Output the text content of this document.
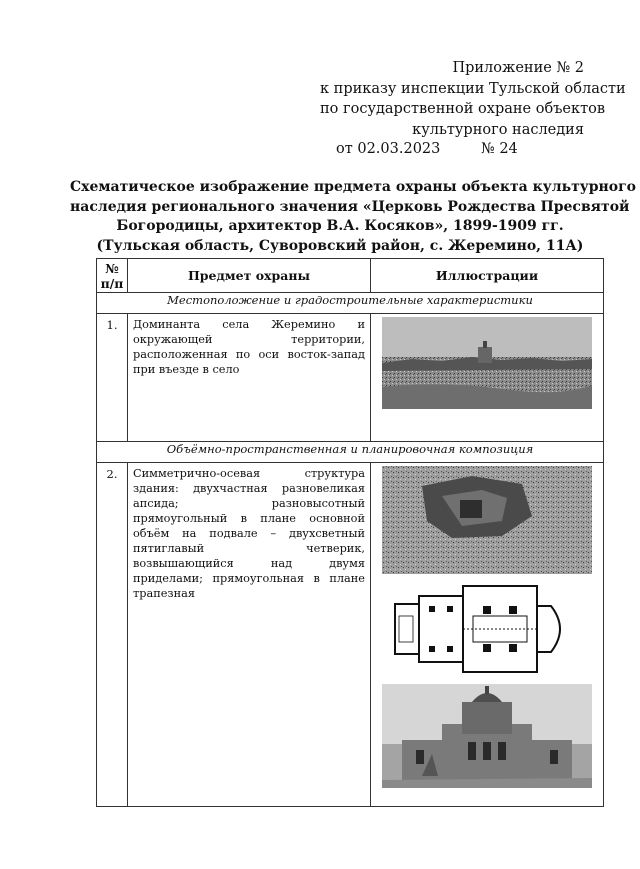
Приложение № 2
к приказу инспекции Тульской области
по государственной охране объектов
культурного наследия
от 02.03.2023	№ 24
Схематическое изображение предмета охраны объекта культурного
наследия регионального значения «Церковь Рождества Пресвятой
Богородицы, архитектор В.А. Косяков», 1899-1909 гг.
(Тульская область, Суворовский район, с. Жеремино, 11А)
№
п/п	Предмет охраны	Иллюстрации
Местоположение и градостроительные характеристики		
1.	Доминанта села Жеремино и окружающей территории, расположенная по оси восток-запад при въезде в село	

Объёмно-пространственная и планировочная композиция		
2.	Симметрично-осевая структура здания: двухчастная разновеликая апсида; разновысотный прямоугольный в плане основной объём на подвале – двухсветный пятиглавый четверик, возвышающийся над двумя приделами; прямоугольная в плане трапезная	
